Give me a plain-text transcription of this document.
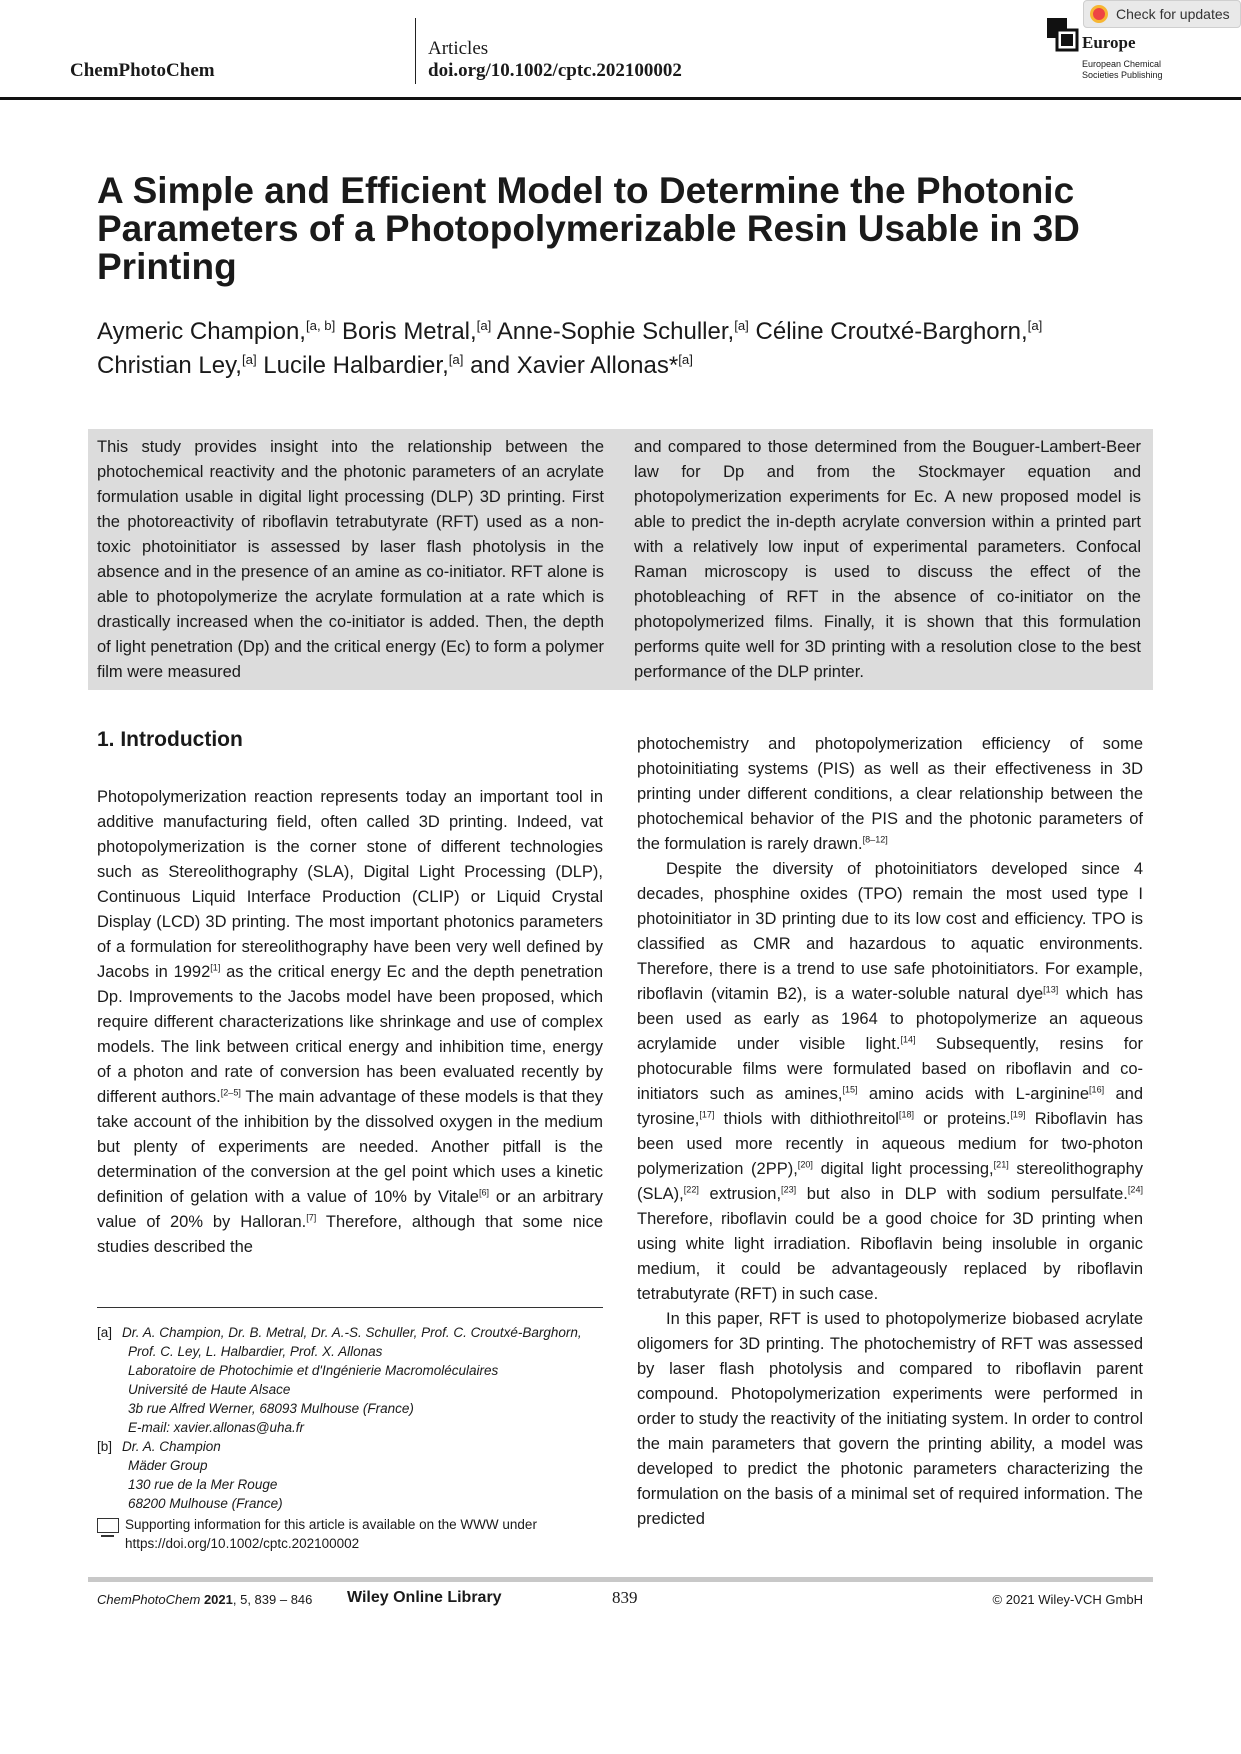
ChemPhotoChem
Articles
doi.org/10.1002/cptc.202100002
Europe
European Chemical
Societies Publishing
Check for updates
A Simple and Efficient Model to Determine the Photonic Parameters of a Photopolymerizable Resin Usable in 3D Printing
Aymeric Champion,[a, b] Boris Metral,[a] Anne-Sophie Schuller,[a] Céline Croutxé-Barghorn,[a]
Christian Ley,[a] Lucile Halbardier,[a] and Xavier Allonas*[a]
This study provides insight into the relationship between the photochemical reactivity and the photonic parameters of an acrylate formulation usable in digital light processing (DLP) 3D printing. First the photoreactivity of riboflavin tetrabutyrate (RFT) used as a non-toxic photoinitiator is assessed by laser flash photolysis in the absence and in the presence of an amine as co-initiator. RFT alone is able to photopolymerize the acrylate formulation at a rate which is drastically increased when the co-initiator is added. Then, the depth of light penetration (Dp) and the critical energy (Ec) to form a polymer film were measured
and compared to those determined from the Bouguer-Lambert-Beer law for Dp and from the Stockmayer equation and photopolymerization experiments for Ec. A new proposed model is able to predict the in-depth acrylate conversion within a printed part with a relatively low input of experimental parameters. Confocal Raman microscopy is used to discuss the effect of the photobleaching of RFT in the absence of co-initiator on the photopolymerized films. Finally, it is shown that this formulation performs quite well for 3D printing with a resolution close to the best performance of the DLP printer.
1. Introduction

Photopolymerization reaction represents today an important tool in additive manufacturing field, often called 3D printing. Indeed, vat photopolymerization is the corner stone of different technologies such as Stereolithography (SLA), Digital Light Processing (DLP), Continuous Liquid Interface Production (CLIP) or Liquid Crystal Display (LCD) 3D printing. The most important photonics parameters of a formulation for stereolithography have been very well defined by Jacobs in 1992[1] as the critical energy Ec and the depth penetration Dp. Improvements to the Jacobs model have been proposed, which require different characterizations like shrinkage and use of complex models. The link between critical energy and inhibition time, energy of a photon and rate of conversion has been evaluated recently by different authors.[2–5] The main advantage of these models is that they take account of the inhibition by the dissolved oxygen in the medium but plenty of experiments are needed. Another pitfall is the determination of the conversion at the gel point which uses a kinetic definition of gelation with a value of 10% by Vitale[6] or an arbitrary value of 20% by Halloran.[7] Therefore, although that some nice studies described the

photochemistry and photopolymerization efficiency of some photoinitiating systems (PIS) as well as their effectiveness in 3D printing under different conditions, a clear relationship between the photochemical behavior of the PIS and the photonic parameters of the formulation is rarely drawn.[8–12]

Despite the diversity of photoinitiators developed since 4 decades, phosphine oxides (TPO) remain the most used type I photoinitiator in 3D printing due to its low cost and efficiency. TPO is classified as CMR and hazardous to aquatic environments. Therefore, there is a trend to use safe photoinitiators. For example, riboflavin (vitamin B2), is a water-soluble natural dye[13] which has been used as early as 1964 to photopolymerize an aqueous acrylamide under visible light.[14] Subsequently, resins for photocurable films were formulated based on riboflavin and co-initiators such as amines,[15] amino acids with L-arginine[16] and tyrosine,[17] thiols with dithiothreitol[18] or proteins.[19] Riboflavin has been used more recently in aqueous medium for two-photon polymerization (2PP),[20] digital light processing,[21] stereolithography (SLA),[22] extrusion,[23] but also in DLP with sodium persulfate.[24] Therefore, riboflavin could be a good choice for 3D printing when using white light irradiation. Riboflavin being insoluble in organic medium, it could be advantageously replaced by riboflavin tetrabutyrate (RFT) in such case.

In this paper, RFT is used to photopolymerize biobased acrylate oligomers for 3D printing. The photochemistry of RFT was assessed by laser flash photolysis and compared to riboflavin parent compound. Photopolymerization experiments were performed in order to study the reactivity of the initiating system. In order to control the main parameters that govern the printing ability, a model was developed to predict the photonic parameters characterizing the formulation on the basis of a minimal set of required information. The predicted

[a] Dr. A. Champion, Dr. B. Metral, Dr. A.-S. Schuller, Prof. C. Croutxé-Barghorn,
Prof. C. Ley, L. Halbardier, Prof. X. Allonas
Laboratoire de Photochimie et d'Ingénierie Macromoléculaires
Université de Haute Alsace
3b rue Alfred Werner, 68093 Mulhouse (France)
E-mail: xavier.allonas@uha.fr
[b] Dr. A. Champion
Mäder Group
130 rue de la Mer Rouge
68200 Mulhouse (France)
Supporting information for this article is available on the WWW under
https://doi.org/10.1002/cptc.202100002
ChemPhotoChem 2021, 5, 839 – 846 Wiley Online Library	839	© 2021 Wiley-VCH GmbH
